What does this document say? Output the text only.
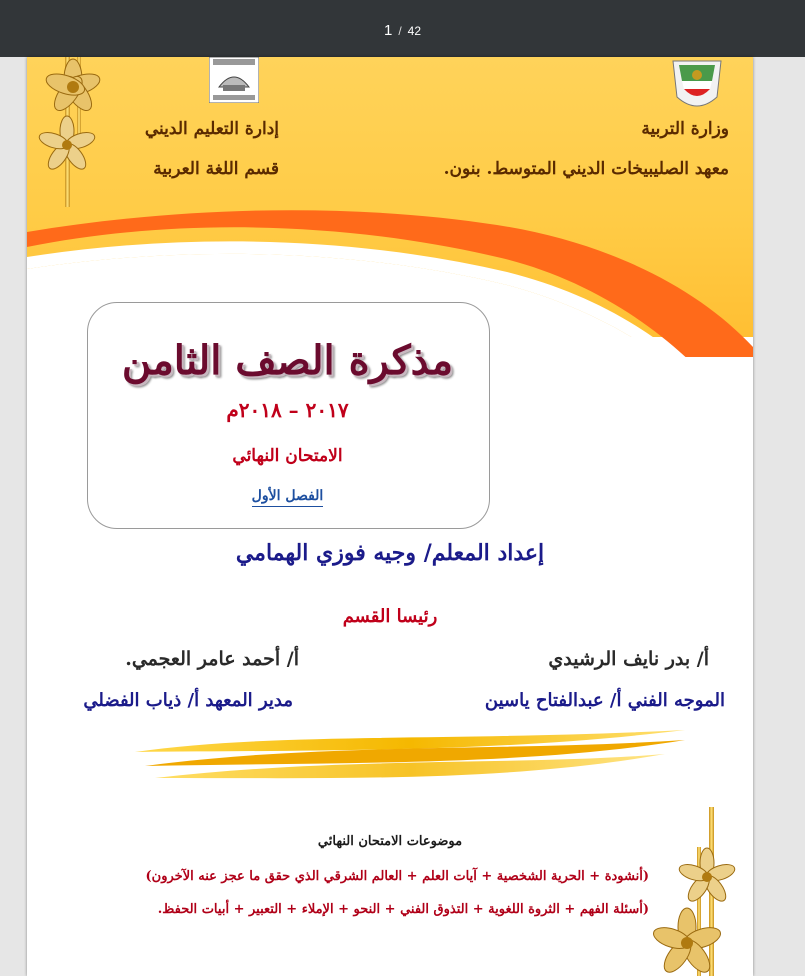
1 / 42
وزارة التربية
معهد الصليبيخات الديني المتوسط. بنون.
إدارة التعليم الديني
قسم اللغة العربية
مذكرة الصف الثامن
٢٠١٧ – ٢٠١٨م
الامتحان النهائي
الفصل الأول
إعداد المعلم/ وجيه فوزي الهمامي
رئيسا القسم
أ/ بدر نايف الرشيدي
أ/ أحمد عامر العجمي.
الموجه الفني أ/ عبدالفتاح ياسين
مدير المعهد أ/ ذياب الفضلي
موضوعات الامتحان النهائي
(أنشودة + الحرية الشخصية + آيات العلم + العالم الشرقي الذي حقق ما عجز عنه الآخرون)
(أسئلة الفهم + الثروة اللغوية + التذوق الفني + النحو + الإملاء + التعبير + أبيات الحفظ.
